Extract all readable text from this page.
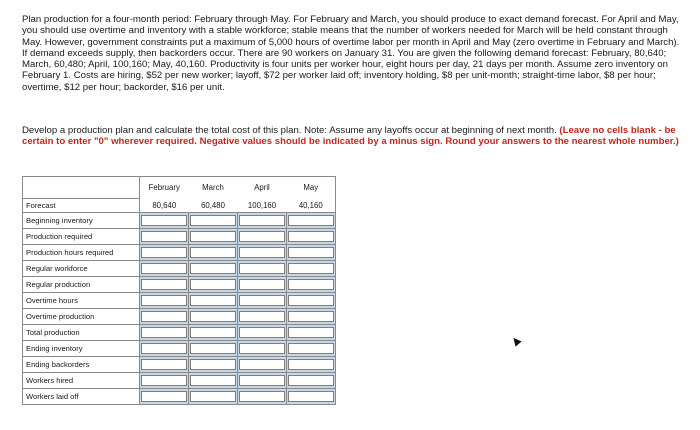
Plan production for a four-month period: February through May. For February and March, you should produce to exact demand forecast. For April and May, you should use overtime and inventory with a stable workforce; stable means that the number of workers needed for March will be held constant through May. However, government constraints put a maximum of 5,000 hours of overtime labor per month in April and May (zero overtime in February and March). If demand exceeds supply, then backorders occur. There are 90 workers on January 31. You are given the following demand forecast: February, 80,640; March, 60,480; April, 100,160; May, 40,160. Productivity is four units per worker hour, eight hours per day, 21 days per month. Assume zero inventory on February 1. Costs are hiring, $52 per new worker; layoff, $72 per worker laid off; inventory holding, $8 per unit-month; straight-time labor, $8 per hour; overtime, $12 per hour; backorder, $16 per unit.

Develop a production plan and calculate the total cost of this plan. Note: Assume any layoffs occur at beginning of next month. (Leave no cells blank - be certain to enter "0" wherever required. Negative values should be indicated by a minus sign. Round your answers to the nearest whole number.)
	February	March	April	May
Forecast	80,640	60,480	100,160	40,160
Beginning inventory	

Production required	

Production hours required	

Regular workforce	

Regular production	

Overtime hours	

Overtime production	

Total production	

Ending inventory	

Ending backorders	

Workers hired	

Workers laid off	
